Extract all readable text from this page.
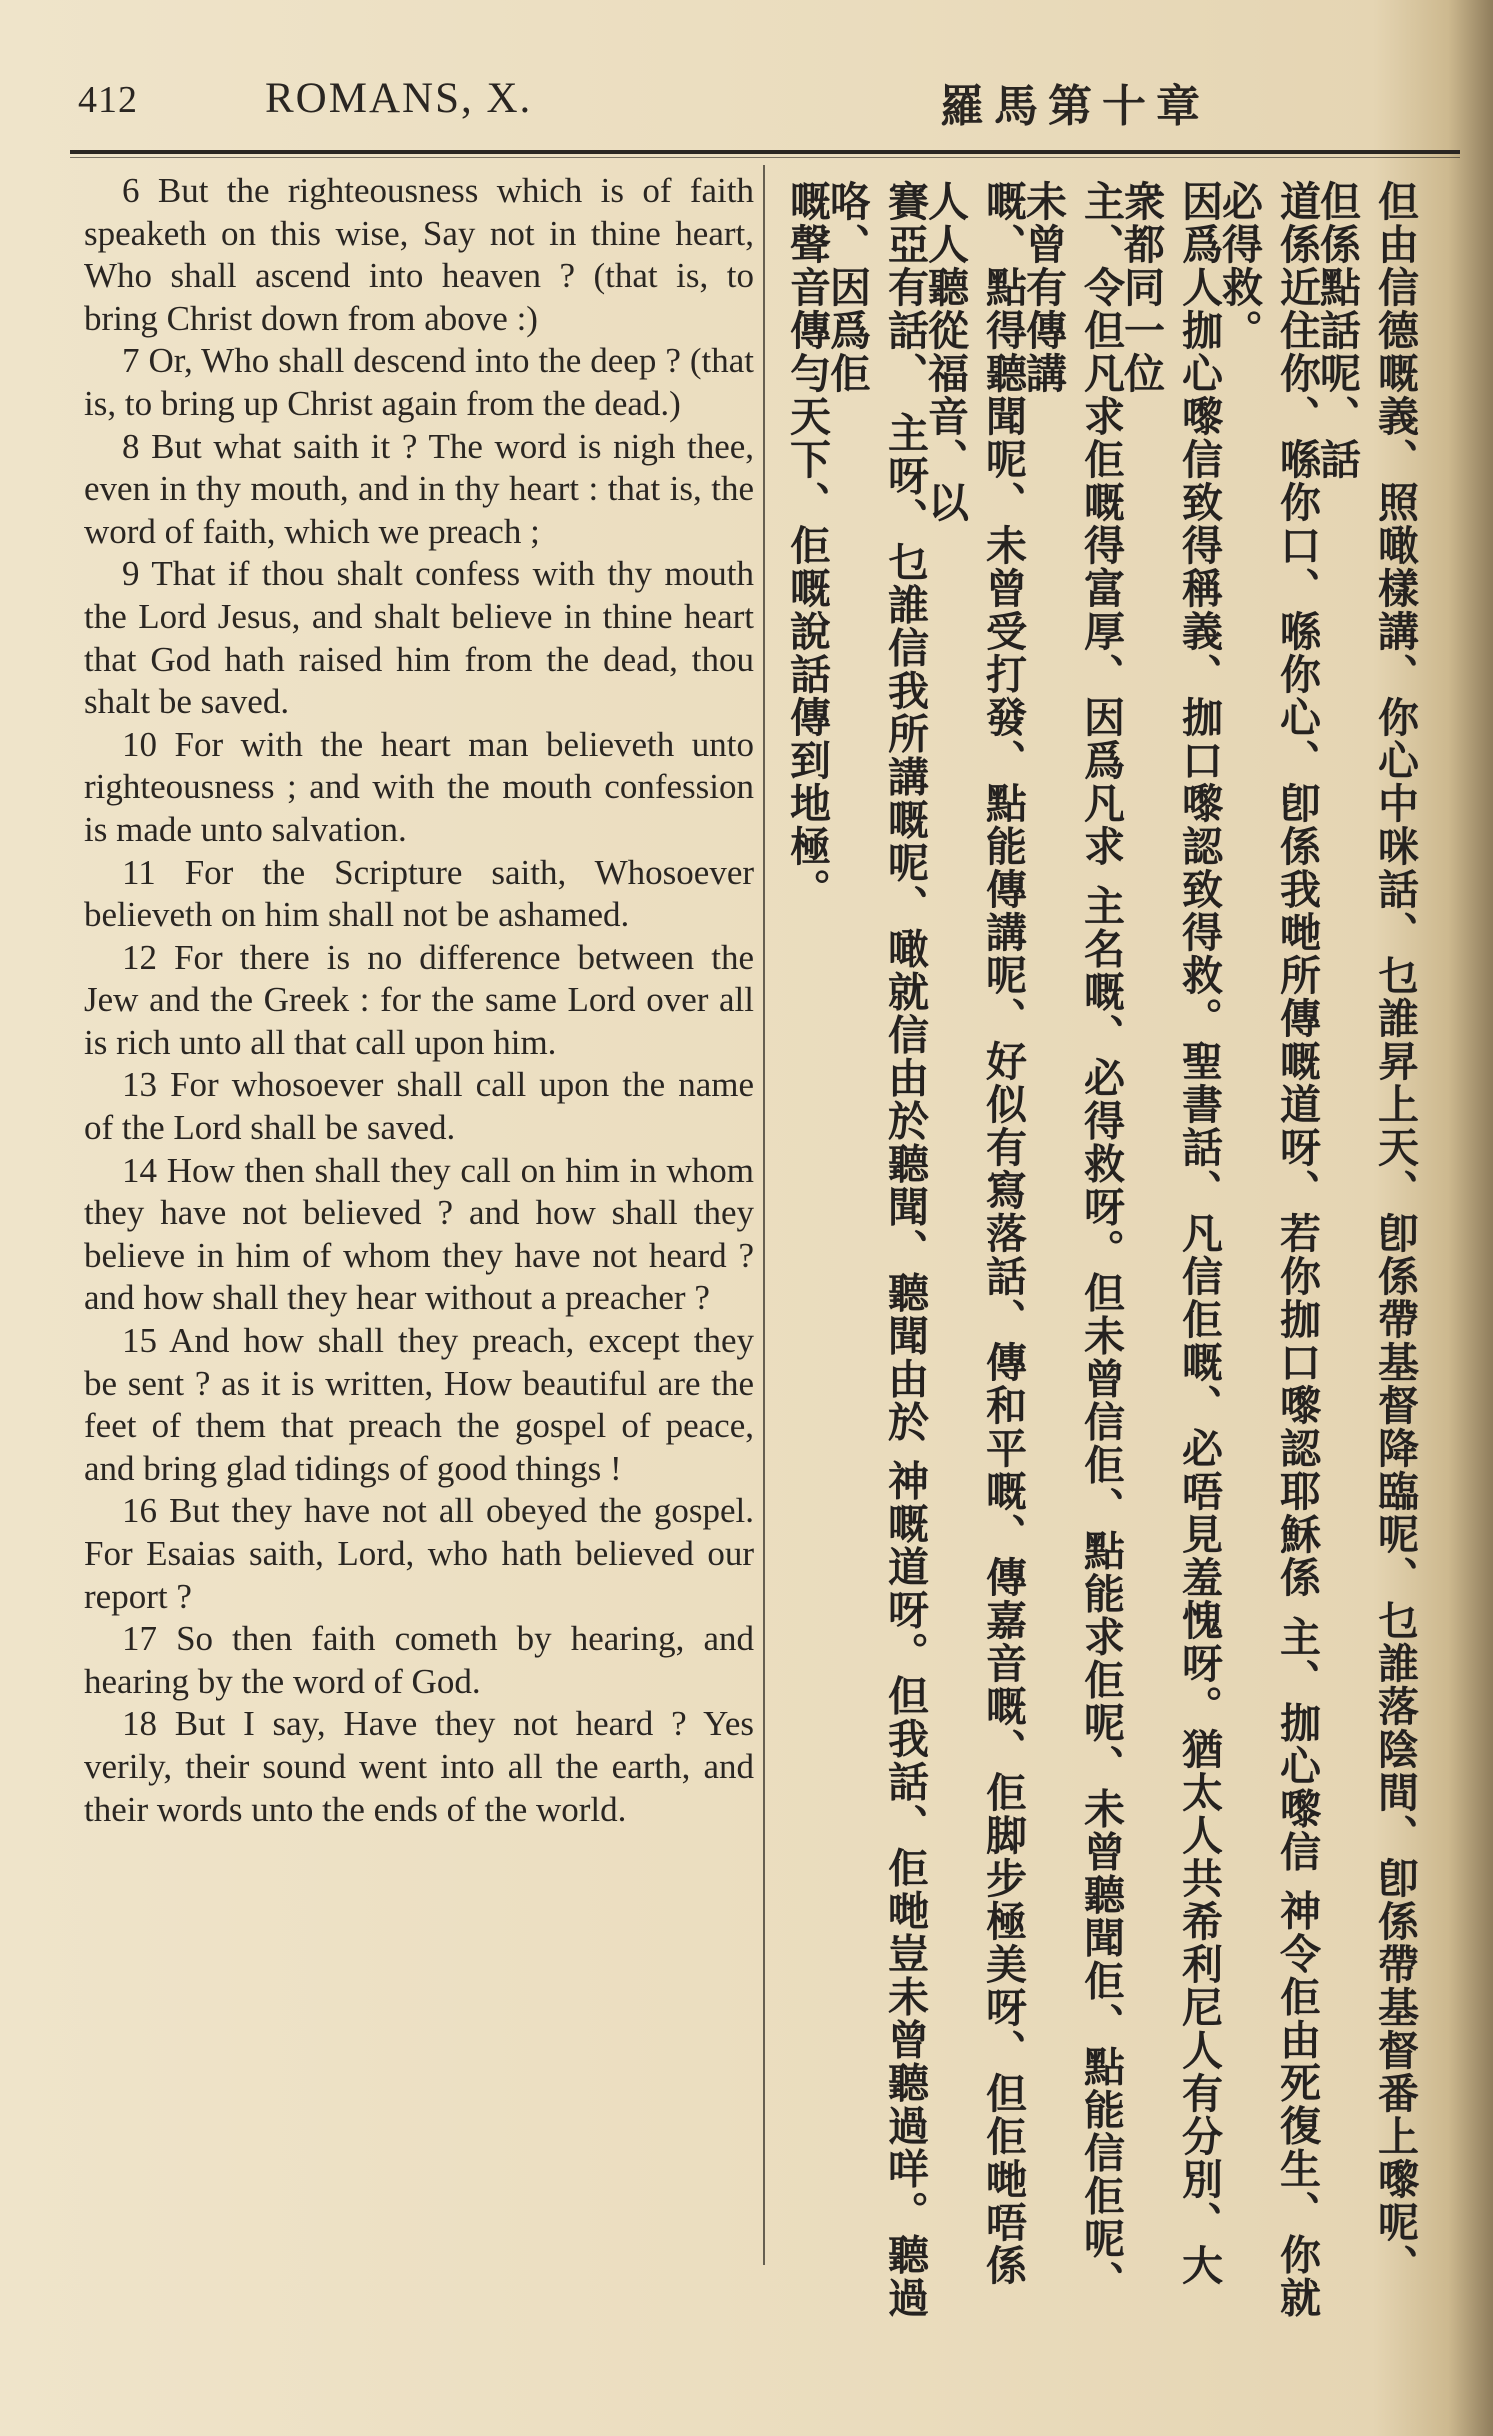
412	ROMANS, X.	羅馬第十章

6 But the righteousness which is of faith speaketh on this wise, Say not in thine heart, Who shall ascend into heaven ? (that is, to bring Christ down from above :)

7 Or, Who shall descend into the deep ? (that is, to bring up Christ again from the dead.)

8 But what saith it ? The word is nigh thee, even in thy mouth, and in thy heart : that is, the word of faith, which we preach ;

9 That if thou shalt confess with thy mouth the Lord Jesus, and shalt believe in thine heart that God hath raised him from the dead, thou shalt be saved.

10 For with the heart man believeth unto righteousness ; and with the mouth confession is made unto salvation.

11 For the Scripture saith, Whosoever believeth on him shall not be ashamed.

12 For there is no difference between the Jew and the Greek : for the same Lord over all is rich unto all that call upon him.

13 For whosoever shall call upon the name of the Lord shall be saved.

14 How then shall they call on him in whom they have not believed ? and how shall they believe in him of whom they have not heard ? and how shall they hear without a preacher ?

15 And how shall they preach, except they be sent ? as it is written, How beautiful are the feet of them that preach the gospel of peace, and bring glad tidings of good things !

16 But they have not all obeyed the gospel. For Esaias saith, Lord, who hath believed our report ?

17 So then faith cometh by hearing, and hearing by the word of God.

18 But I say, Have they not heard ? Yes verily, their sound went into all the earth, and their words unto the ends of the world.	但由信德嘅義、照噉樣講、你心中咪話、乜誰昇上天、卽係帶基督降臨呢、乜誰落陰間、卽係帶基督番上嚟呢、但係點話呢、話
道係近住你、喺你口、喺你心、卽係我哋所傳嘅道呀、若你拁口嚟認耶穌係 主、拁心嚟信 神令佢由死復生、你就必得救。
因爲人拁心嚟信致得稱義、拁口嚟認致得救。聖書話、凡信佢嘅、必唔見羞愧呀。猶太人共希利尼人有分別、大衆都同一位
主、令但凡求佢嘅得富厚、因爲凡求 主名嘅、必得救呀。但未曾信佢、點能求佢呢、未曾聽聞佢、點能信佢呢、未曾有傳講
嘅、點得聽聞呢、未曾受打發、點能傳講呢、好似有寫落話、傳和平嘅、傳嘉音嘅、佢脚步極美呀、但佢哋唔係人人聽從福音、以
賽亞有話、 主呀、乜誰信我所講嘅呢、噉就信由於聽聞、聽聞由於 神嘅道呀。但我話、佢哋豈未曾聽過咩。聽過咯、因爲佢
嘅聲音傳勻天下、佢嘅說話傳到地極。
